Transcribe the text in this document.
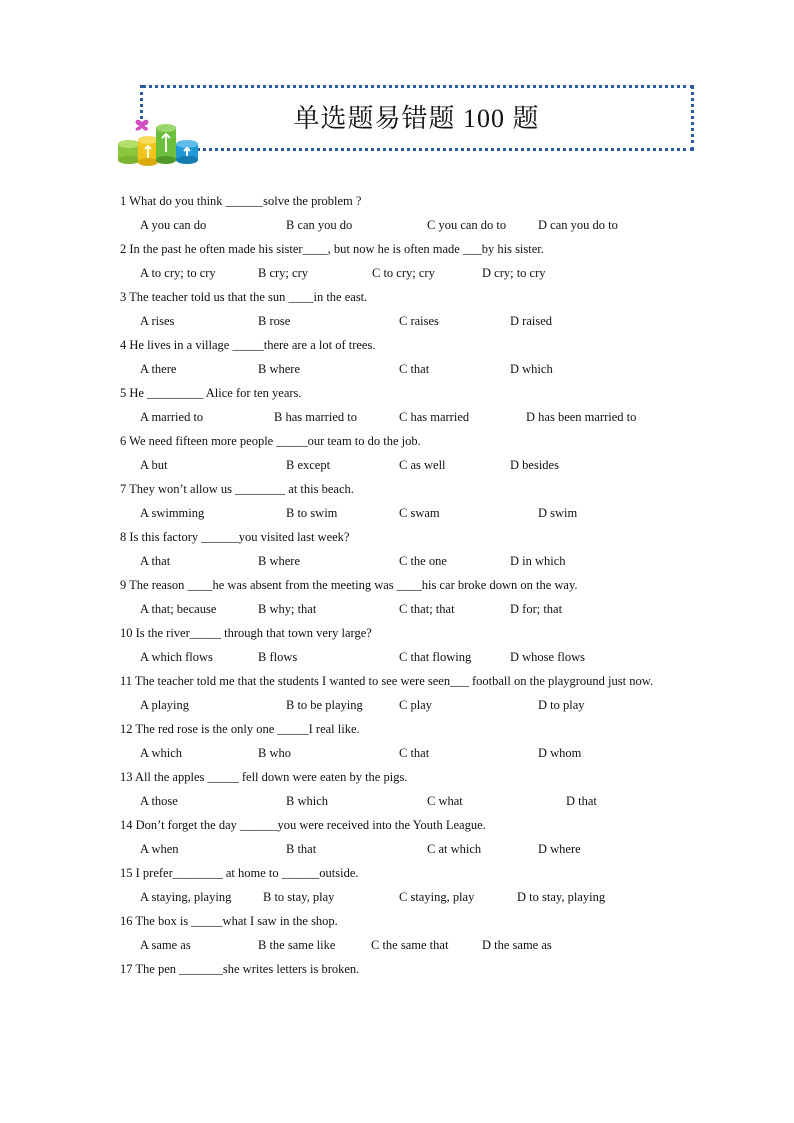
单选题易错题 100 题
1 What do you think ______solve the problem ?
A you can do	B can you do	C you can do to	D can you do to
2 In the past he often made his sister____, but now he is often made ___by his sister.
A to cry; to cry	B cry; cry	C to cry; cry	D cry; to cry
3 The teacher told us that the sun ____in the east.
A rises	B rose	C raises	D raised
4 He lives in a village _____there are a lot of trees.
A there	B where	C that	D which
5 He _________ Alice for ten years.
A married to	B has married to	C has married	D has been married to
6 We need fifteen more people _____our team to do the job.
A but	B except	C as well	D besides
7 They won’t allow us ________ at this beach.
A swimming	B to swim	C swam	D swim
8 Is this factory ______you visited last week?
A that	B where	C the one	D in which
9 The reason ____he was absent from the meeting was ____his car broke down on the way.
A that; because	B why; that	C that; that	D for; that
10 Is the river_____ through that town very large?
A which flows	B flows	C that flowing	D whose flows
11 The teacher told me that the students I wanted to see were seen___ football on the playground just now.
A playing	B to be playing	C play	D to play
12 The red rose is the only one _____I real like.
A which	B who	C that	D whom
13 All the apples _____ fell down were eaten by the pigs.
A those	B which	C what	D that
14 Don’t forget the day ______you were received into the Youth League.
A when	B that	C at which	D where
15 I prefer________ at home to ______outside.
A staying, playing	B to stay, play	C staying, play	D to stay, playing
16 The box is _____what I saw in the shop.
A same as	B the same like	C the same that	D the same as
17 The pen _______she writes letters is broken.
